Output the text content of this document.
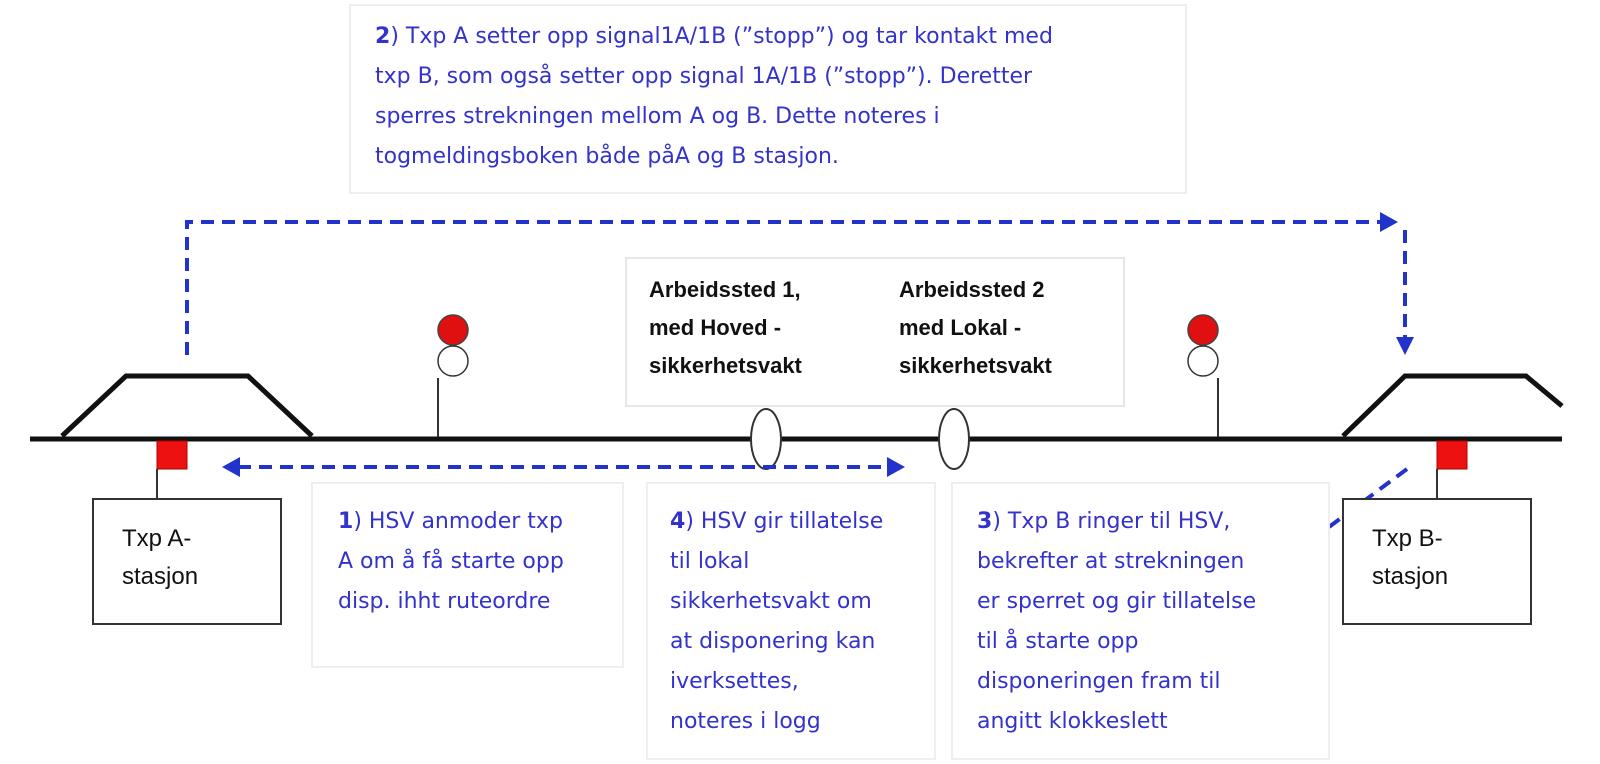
2) Txp A setter opp signal1A/1B (”stopp”) og tar kontakt med
txp B, som også setter opp signal 1A/1B (”stopp”). Deretter
sperres strekningen mellom A og B. Dette noteres i
togmeldingsboken både påA og B stasjon.
Arbeidssted 1,
med Hoved -
sikkerhetsvakt
Arbeidssted 2
med Lokal -
sikkerhetsvakt
Txp A-
stasjon
Txp B-
stasjon
1) HSV anmoder txp
A om å få starte opp
disp. ihht ruteordre
4) HSV gir tillatelse
til lokal
sikkerhetsvakt om
at disponering kan
iverksettes,
noteres i logg
3) Txp B ringer til HSV,
bekrefter at strekningen
er sperret og gir tillatelse
til å starte opp
disponeringen fram til
angitt klokkeslett
